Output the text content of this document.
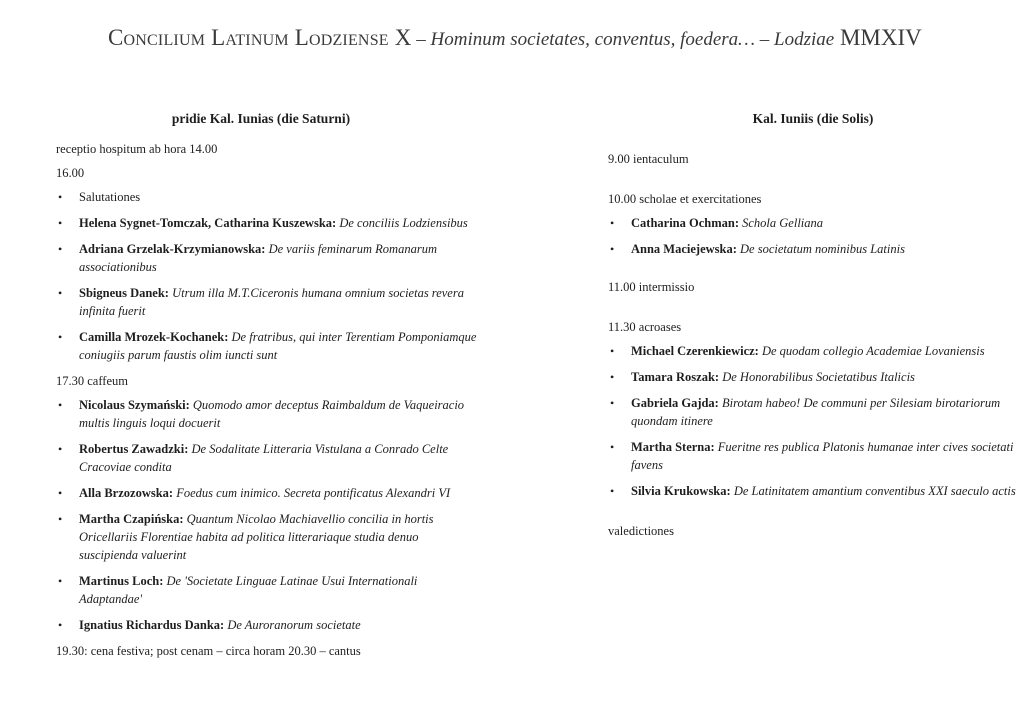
Concilium Latinum Lodziense X – Hominum societates, conventus, foedera… – Lodziae MMXIV
pridie Kal. Iunias (die Saturni)
receptio hospitum ab hora 14.00
16.00
• Salutationes
• Helena Sygnet-Tomczak, Catharina Kuszewska: De conciliis Lodziensibus
• Adriana Grzelak-Krzymianowska: De variis feminarum Romanarum associationibus
• Sbigneus Danek: Utrum illa M.T.Ciceronis humana omnium societas revera infinita fuerit
• Camilla Mrozek-Kochanek: De fratribus, qui inter Terentiam Pomponiamque coniugiis parum faustis olim iuncti sunt
17.30 caffeum
• Nicolaus Szymański: Quomodo amor deceptus Raimbaldum de Vaqueiracio multis linguis loqui docuerit
• Robertus Zawadzki: De Sodalitate Litteraria Vistulana a Conrado Celte Cracoviae condita
• Alla Brzozowska: Foedus cum inimico. Secreta pontificatus Alexandri VI
• Martha Czapińska: Quantum Nicolao Machiavellio concilia in hortis Oricellariis Florentiae habita ad politica litterariaque studia denuo suscipienda valuerint
• Martinus Loch: De 'Societate Linguae Latinae Usui Internationali Adaptandae'
• Ignatius Richardus Danka: De Auroranorum societate
19.30: cena festiva; post cenam – circa horam 20.30 – cantus
Kal. Iuniis (die Solis)
9.00 ientaculum
10.00 scholae et exercitationes
• Catharina Ochman: Schola Gelliana
• Anna Maciejewska: De societatum nominibus Latinis
11.00 intermissio
11.30 acroases
• Michael Czerenkiewicz: De quodam collegio Academiae Lovaniensis
• Tamara Roszak: De Honorabilibus Societatibus Italicis
• Gabriela Gajda: Birotam habeo! De communi per Silesiam birotariorum quondam itinere
• Martha Sterna: Fueritne res publica Platonis humanae inter cives societati favens
• Silvia Krukowska: De Latinitatem amantium conventibus XXI saeculo actis
valedictiones
